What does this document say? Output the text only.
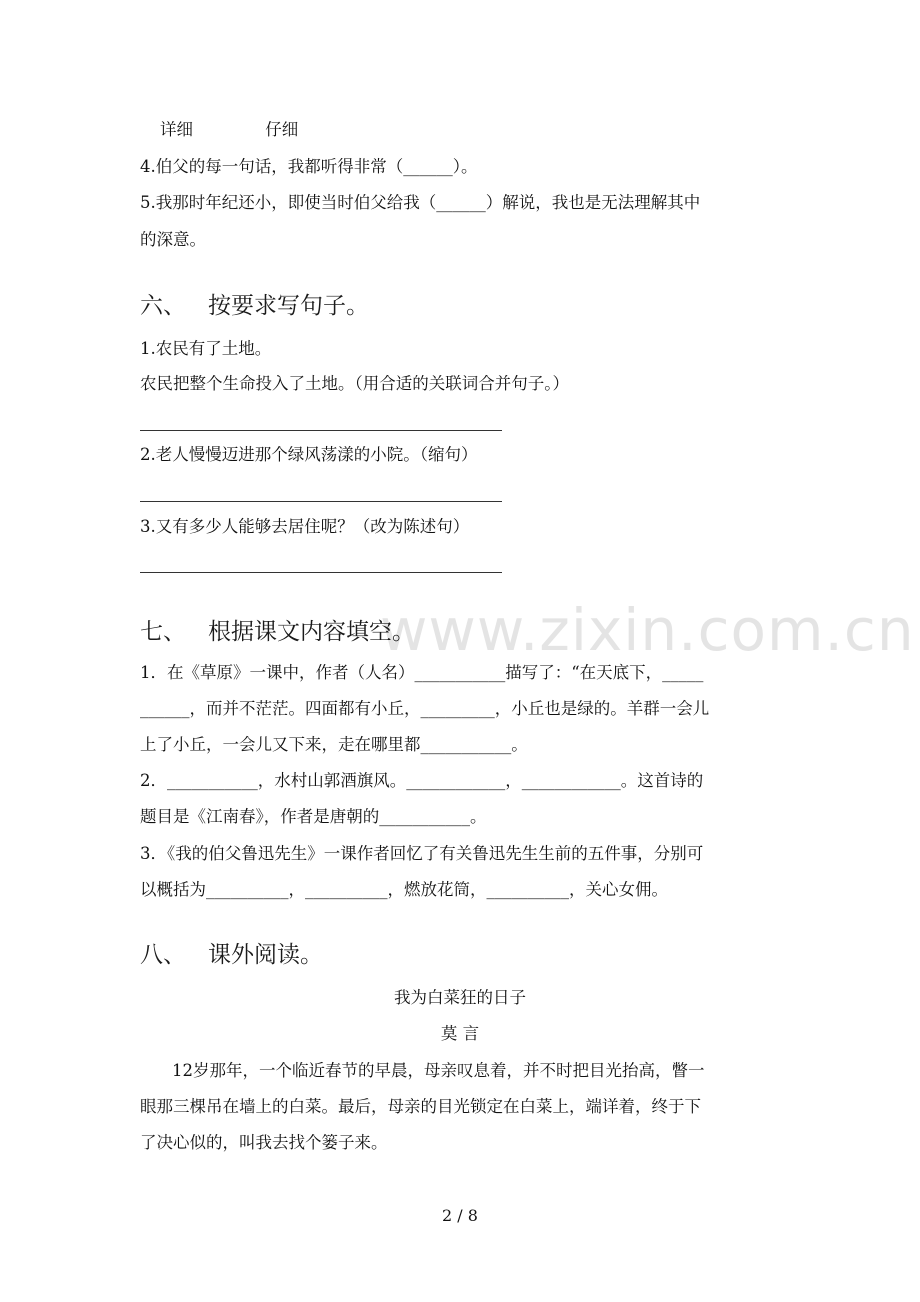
www.zixin.com.cn
详细	仔细
4.伯父的每一句话，我都听得非常（______）。
5.我那时年纪还小，即使当时伯父给我（______）解说，我也是无法理解其中
的深意。
六、 按要求写句子。
1.农民有了土地。
农民把整个生命投入了土地。（用合适的关联词合并句子。）
2.老人慢慢迈进那个绿风荡漾的小院。（缩句）
3.又有多少人能够去居住呢？（改为陈述句）
七、 根据课文内容填空。
1．在《草原》一课中，作者（人名）___________描写了：“在天底下，_____
______，而并不茫茫。四面都有小丘，_________，小丘也是绿的。羊群一会儿
上了小丘，一会儿又下来，走在哪里都___________。
2．___________，水村山郭酒旗风。____________，____________。这首诗的
题目是《江南春》，作者是唐朝的___________。
3．《我的伯父鲁迅先生》一课作者回忆了有关鲁迅先生生前的五件事，分别可
以概括为__________，__________，燃放花筒，__________，关心女佣。
八、 课外阅读。
我为白菜狂的日子
莫 言
12岁那年，一个临近春节的早晨，母亲叹息着，并不时把目光抬高，瞥一
眼那三棵吊在墙上的白菜。最后，母亲的目光锁定在白菜上，端详着，终于下
了决心似的，叫我去找个篓子来。
2 / 8
